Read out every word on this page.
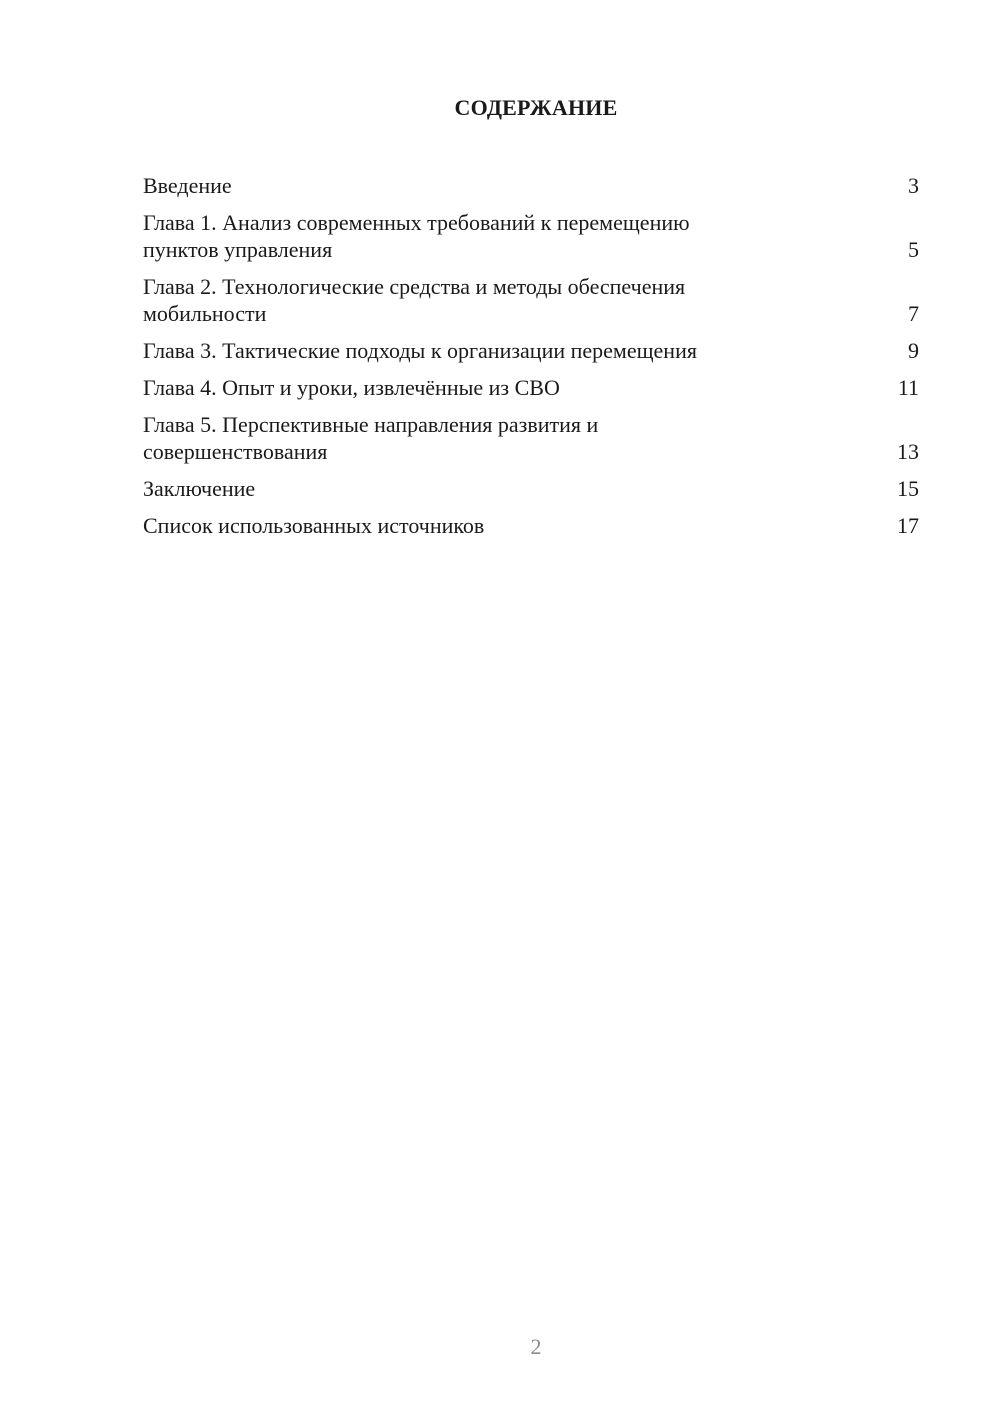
СОДЕРЖАНИЕ
Введение	3
Глава 1. Анализ современных требований к перемещению
пунктов управления	5
Глава 2. Технологические средства и методы обеспечения
мобильности	7
Глава 3. Тактические подходы к организации перемещения	9
Глава 4. Опыт и уроки, извлечённые из СВО	11
Глава 5. Перспективные направления развития и
совершенствования	13
Заключение	15
Список использованных источников	17
2
